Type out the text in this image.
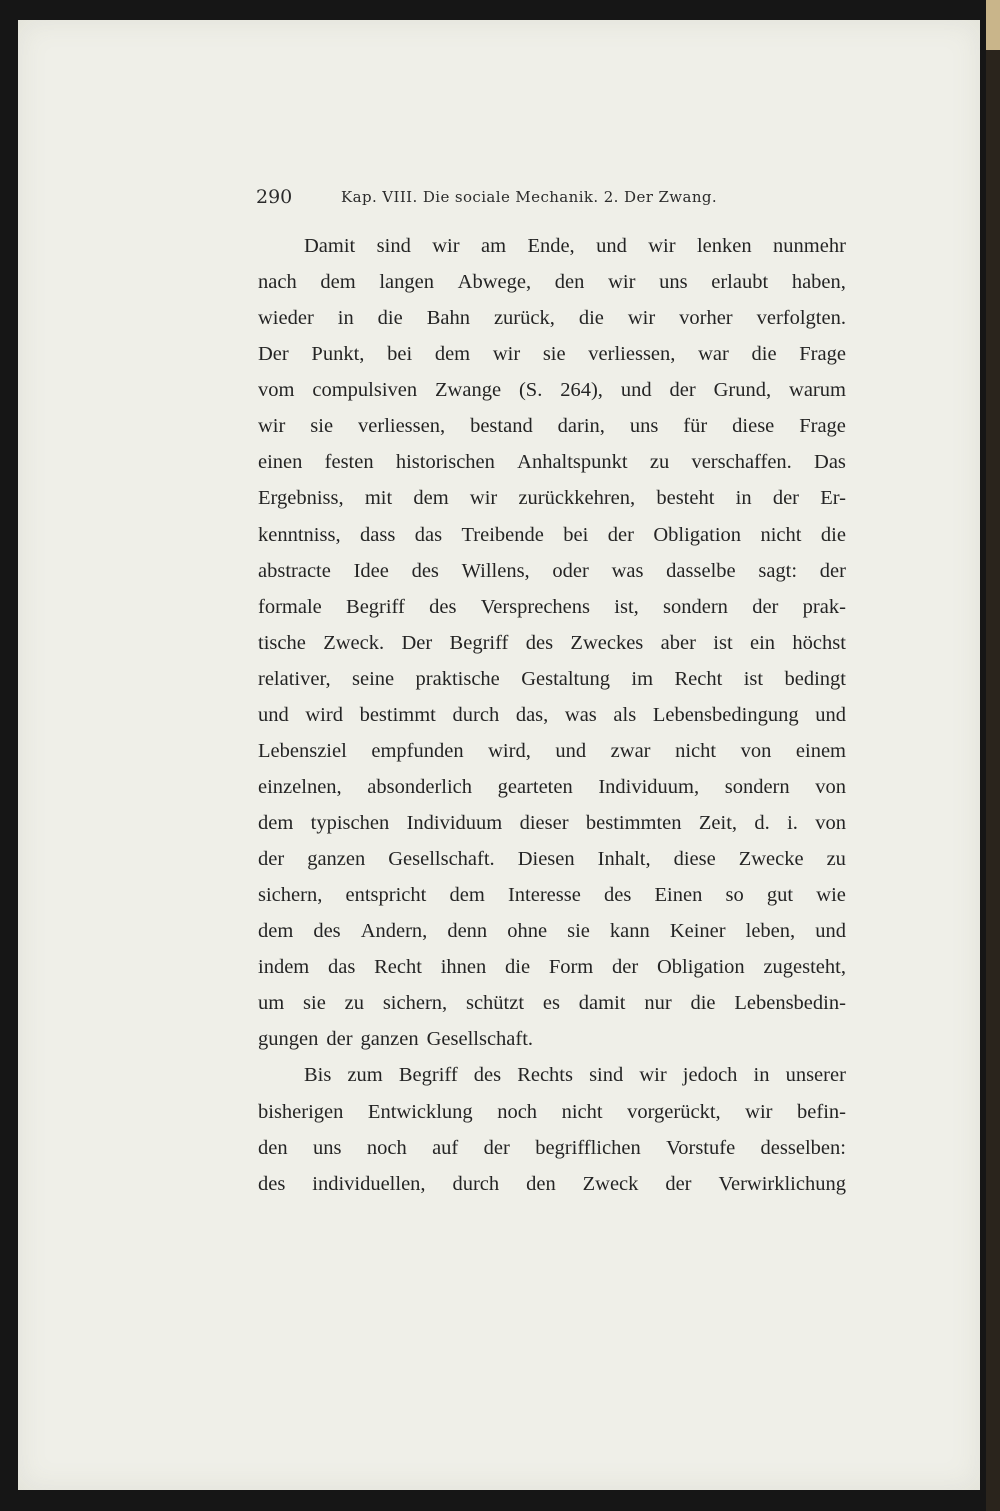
290	Kap. VIII. Die sociale Mechanik. 2. Der Zwang.
Damit sind wir am Ende, und wir lenken nunmehr
nach dem langen Abwege, den wir uns erlaubt haben,
wieder in die Bahn zurück, die wir vorher verfolgten.
Der Punkt, bei dem wir sie verliessen, war die Frage
vom compulsiven Zwange (S. 264), und der Grund, warum
wir sie verliessen, bestand darin, uns für diese Frage
einen festen historischen Anhaltspunkt zu verschaffen. Das
Ergebniss, mit dem wir zurückkehren, besteht in der Er-
kenntniss, dass das Treibende bei der Obligation nicht die
abstracte Idee des Willens, oder was dasselbe sagt: der
formale Begriff des Versprechens ist, sondern der prak-
tische Zweck. Der Begriff des Zweckes aber ist ein höchst
relativer, seine praktische Gestaltung im Recht ist bedingt
und wird bestimmt durch das, was als Lebensbedingung und
Lebensziel empfunden wird, und zwar nicht von einem
einzelnen, absonderlich gearteten Individuum, sondern von
dem typischen Individuum dieser bestimmten Zeit, d. i. von
der ganzen Gesellschaft. Diesen Inhalt, diese Zwecke zu
sichern, entspricht dem Interesse des Einen so gut wie
dem des Andern, denn ohne sie kann Keiner leben, und
indem das Recht ihnen die Form der Obligation zugesteht,
um sie zu sichern, schützt es damit nur die Lebensbedin-
gungen der ganzen Gesellschaft.
Bis zum Begriff des Rechts sind wir jedoch in unserer
bisherigen Entwicklung noch nicht vorgerückt, wir befin-
den uns noch auf der begrifflichen Vorstufe desselben:
des individuellen, durch den Zweck der Verwirklichung
